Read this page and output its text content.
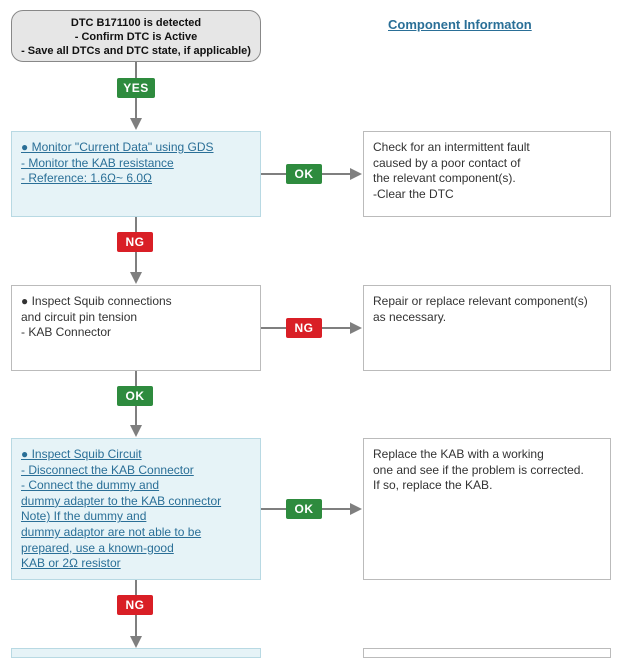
DTC B171100 is detected
- Confirm DTC is Active
- Save all DTCs and DTC state, if applicable)
Component Informaton
● Monitor "Current Data" using GDS
- Monitor the KAB resistance
- Reference: 1.6Ω~ 6.0Ω
Check for an intermittent fault
caused by a poor contact of
the relevant component(s).
-Clear the DTC
● Inspect Squib connections
and circuit pin tension
- KAB Connector
Repair or replace relevant component(s)
as necessary.
● Inspect Squib Circuit
- Disconnect the KAB Connector
- Connect the dummy and
dummy adapter to the KAB connector
Note) If the dummy and
dummy adaptor are not able to be
prepared, use a known-good
KAB or 2Ω resistor
Replace the KAB with a working
one and see if the problem is corrected.
If so, replace the KAB.
YES
OK
NG
NG
OK
OK
NG
